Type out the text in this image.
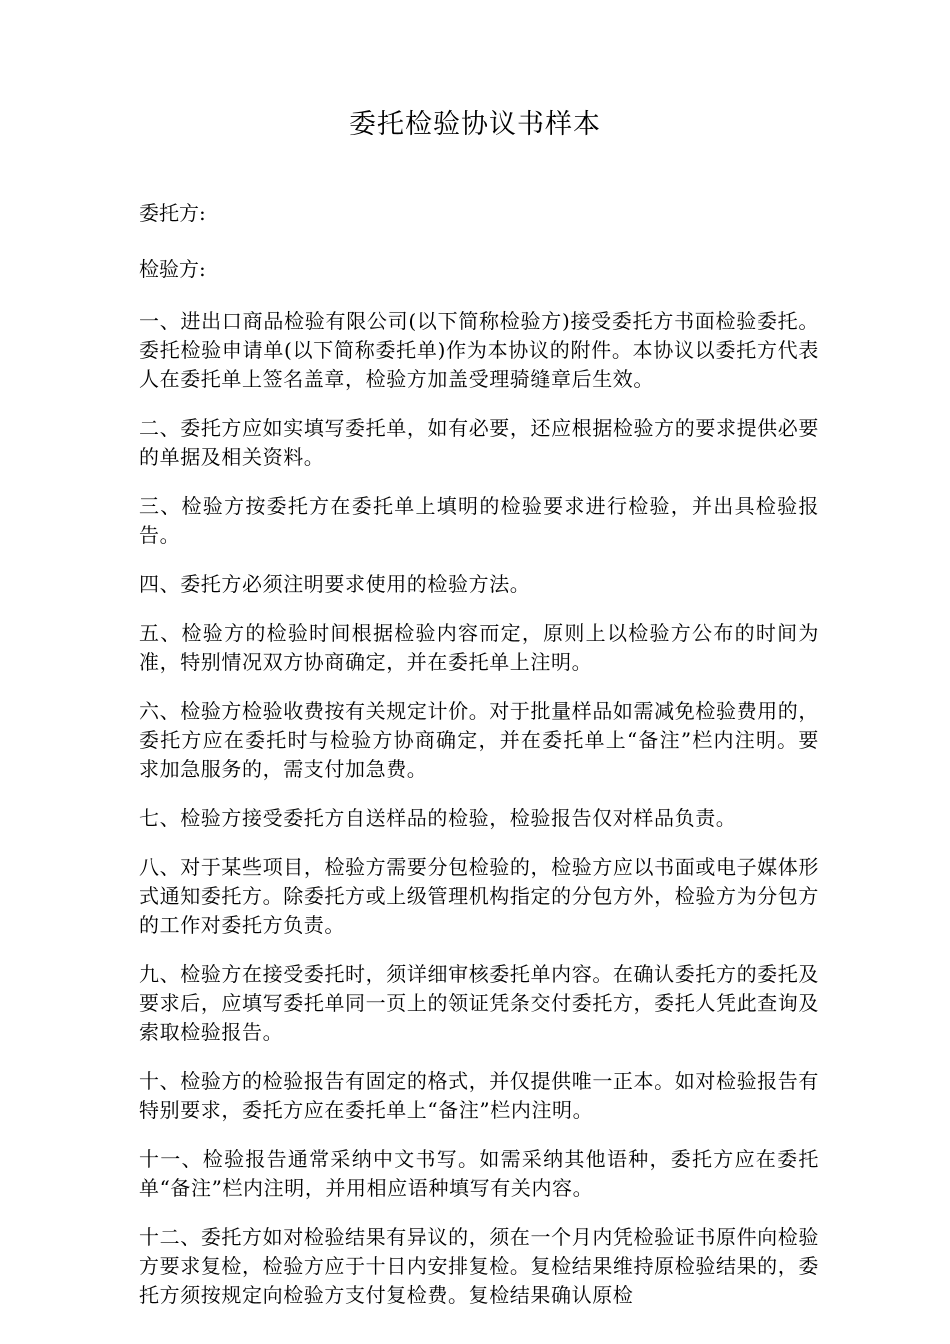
委托检验协议书样本

委托方:

检验方:

一、进出口商品检验有限公司(以下简称检验方)接受委托方书面检验委托。委托检验申请单(以下简称委托单)作为本协议的附件。本协议以委托方代表人在委托单上签名盖章，检验方加盖受理骑缝章后生效。

二、委托方应如实填写委托单，如有必要，还应根据检验方的要求提供必要的单据及相关资料。

三、检验方按委托方在委托单上填明的检验要求进行检验，并出具检验报告。

四、委托方必须注明要求使用的检验方法。

五、检验方的检验时间根据检验内容而定，原则上以检验方公布的时间为准，特别情况双方协商确定，并在委托单上注明。

六、检验方检验收费按有关规定计价。对于批量样品如需减免检验费用的，委托方应在委托时与检验方协商确定，并在委托单上“备注”栏内注明。要求加急服务的，需支付加急费。

七、检验方接受委托方自送样品的检验，检验报告仅对样品负责。

八、对于某些项目，检验方需要分包检验的，检验方应以书面或电子媒体形式通知委托方。除委托方或上级管理机构指定的分包方外，检验方为分包方的工作对委托方负责。

九、检验方在接受委托时，须详细审核委托单内容。在确认委托方的委托及要求后，应填写委托单同一页上的领证凭条交付委托方，委托人凭此查询及索取检验报告。

十、检验方的检验报告有固定的格式，并仅提供唯一正本。如对检验报告有特别要求，委托方应在委托单上“备注”栏内注明。

十一、检验报告通常采纳中文书写。如需采纳其他语种，委托方应在委托单“备注”栏内注明，并用相应语种填写有关内容。

十二、委托方如对检验结果有异议的，须在一个月内凭检验证书原件向检验方要求复检，检验方应于十日内安排复检。复检结果维持原检验结果的，委托方须按规定向检验方支付复检费。复检结果确认原检
